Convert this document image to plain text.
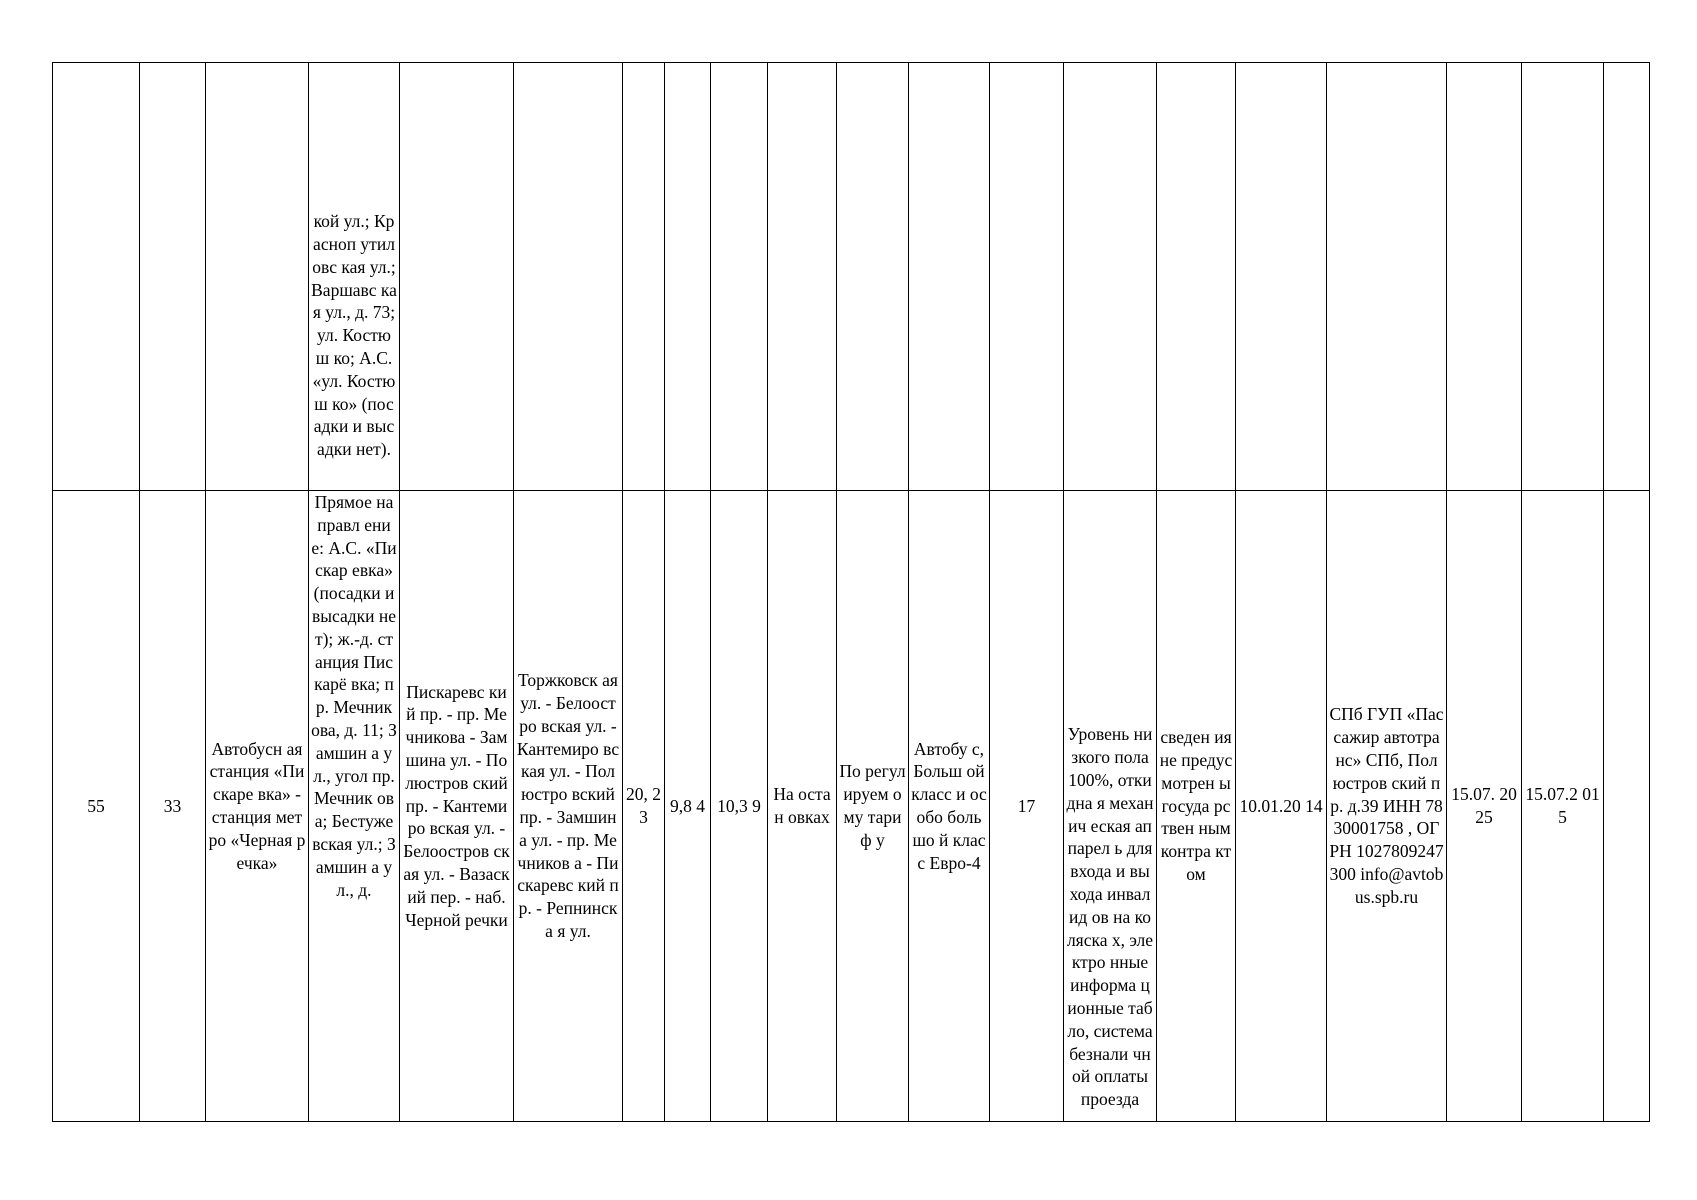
			кой ул.; Красноп утиловс кая ул.; Варшавс кая ул., д. 73; ул. Костюш ко; А.С. «ул. Костюш ко» (посадки и высадки нет).																
55	33	Автобусн ая станция «Пискаре вка» - станция метро «Черная речка»	Прямое направл ение: А.С. «Пискар евка» (посадки и высадки нет); ж.-д. станция Пискарё вка; пр. Мечник ова, д. 11; Замшин а ул., угол пр. Мечник ова; Бестуже вская ул.; Замшин а ул., д.	Пискаревс кий пр. - пр. Мечникова - Замшина ул. - Полюстров ский пр. - Кантемиро вская ул. - Белоостров ская ул. - Вазаский пер. - наб. Черной речки	Торжковск ая ул. - Белоостро вская ул. - Кантемиро вская ул. - Полюстро вский пр. - Замшина ул. - пр. Мечников а - Пискаревс кий пр. - Репнинска я ул.	20, 23	9,8 4	10,3 9	На остан овках	По регул ируем ому тариф у	Автобу с, Больш ой класс и особо большо й класс Евро-4	17	Уровень низкого пола 100%, откидна я механич еская аппарел ь для входа и выхода инвалид ов на коляска х, электро нные информа ционные табло, система безнали чной оплаты проезда	сведен ия не предус мотрен ы госуда рствен ным контра ктом	10.01.20 14	СПб ГУП «Пассажир автотранс» СПб, Полюстров ский пр. д.39 ИНН 7830001758 , ОГРН 1027809247 300 info@avtob us.spb.ru	15.07. 2025	15.07.2 015	
